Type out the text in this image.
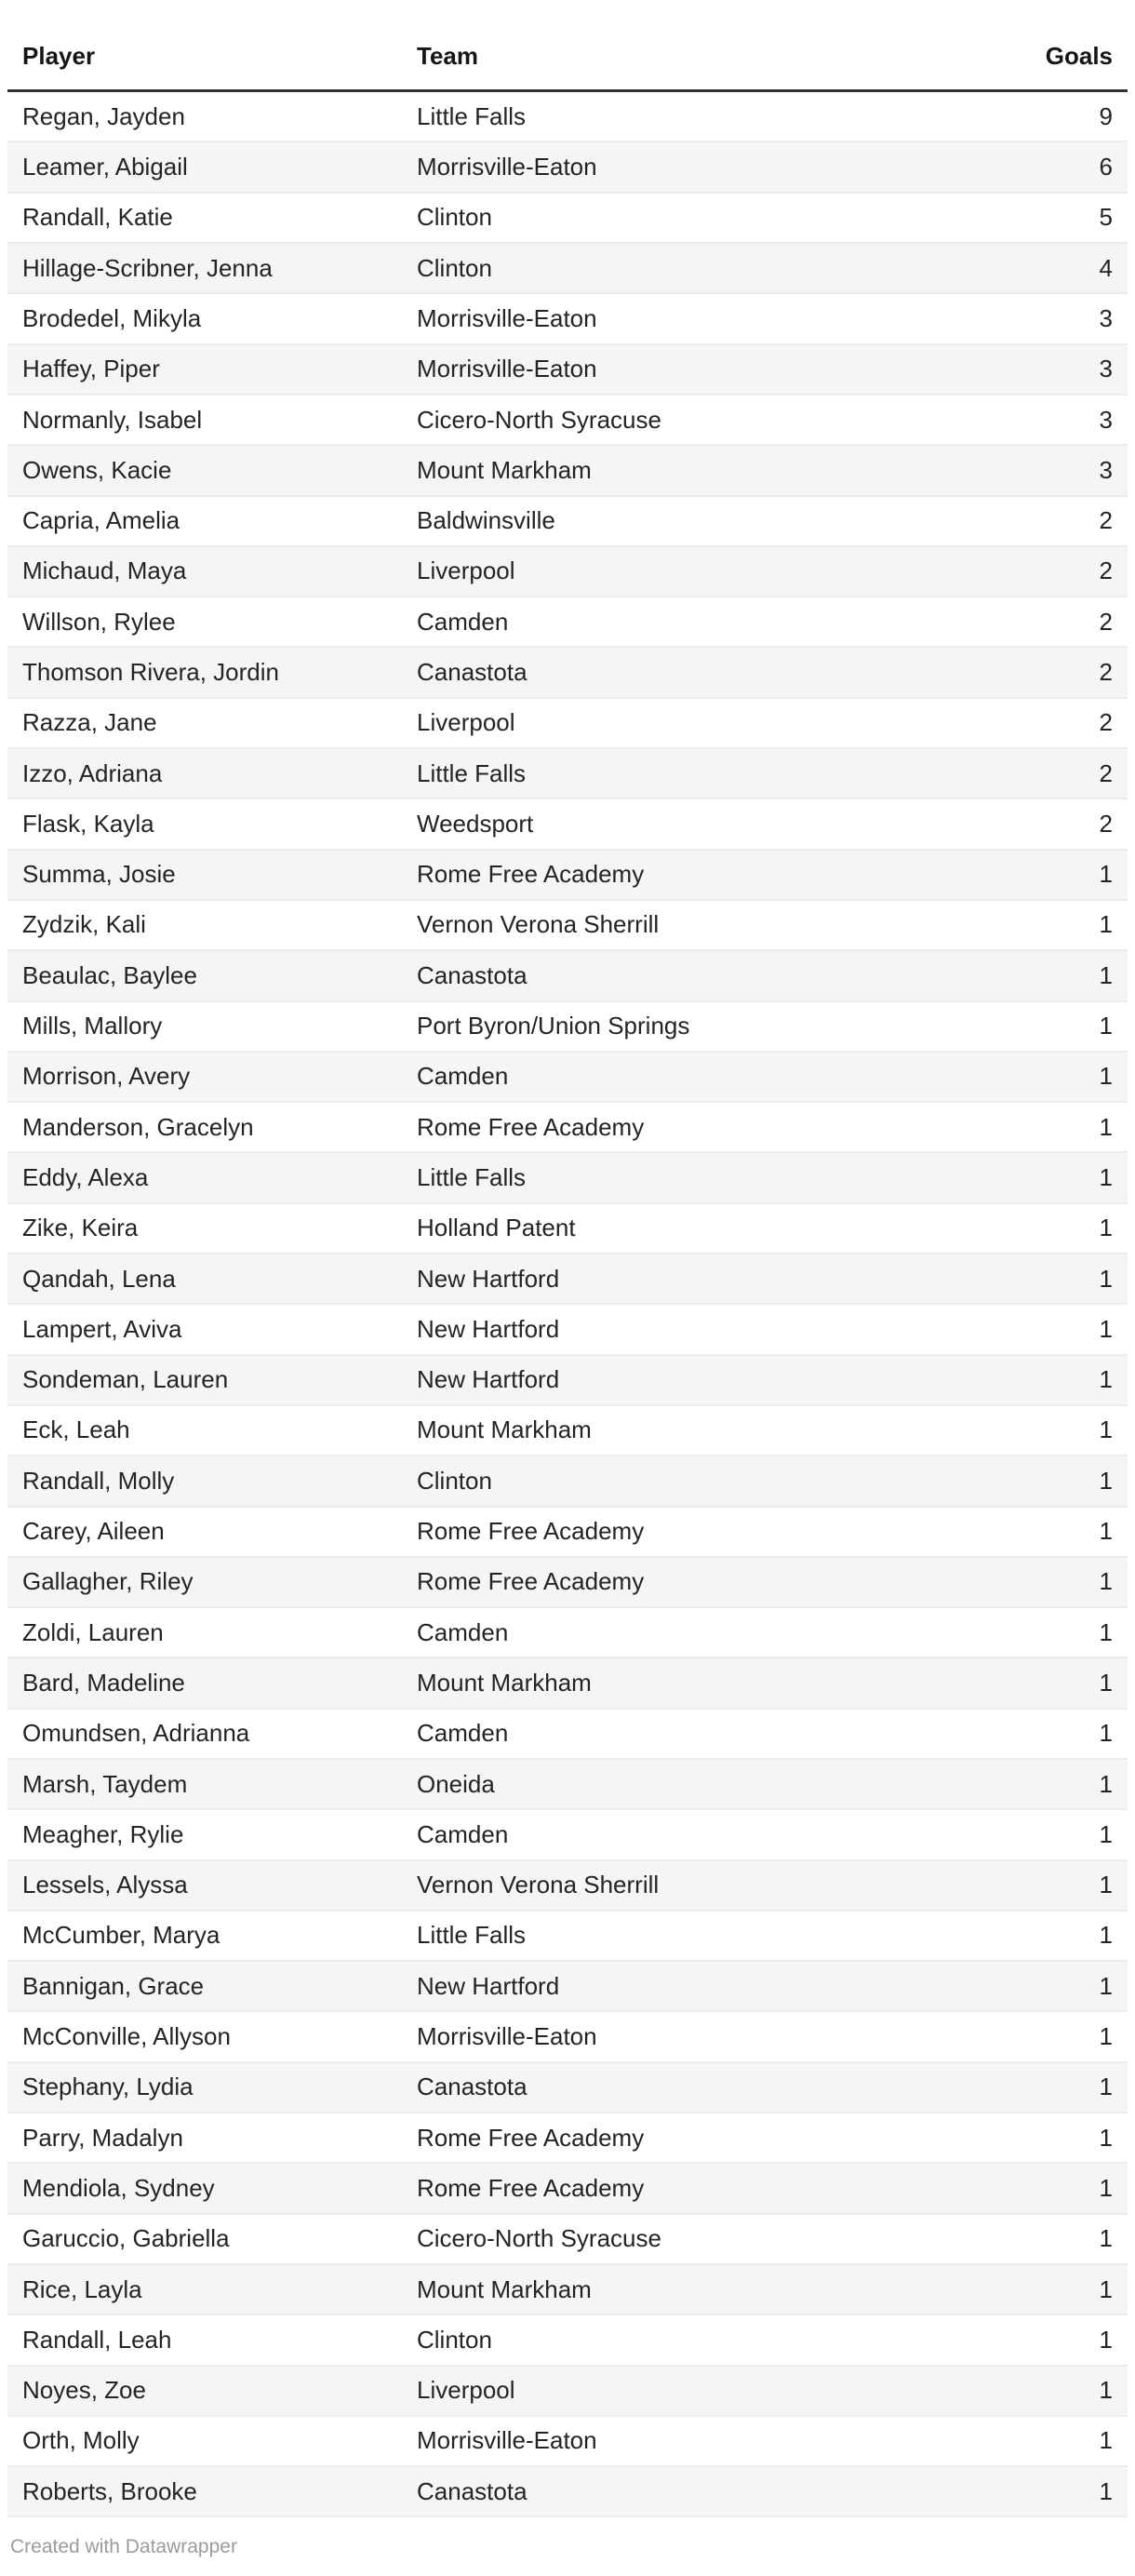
Player	Team	Goals
Regan, Jayden	Little Falls	9
Leamer, Abigail	Morrisville-Eaton	6
Randall, Katie	Clinton	5
Hillage-Scribner, Jenna	Clinton	4
Brodedel, Mikyla	Morrisville-Eaton	3
Haffey, Piper	Morrisville-Eaton	3
Normanly, Isabel	Cicero-North Syracuse	3
Owens, Kacie	Mount Markham	3
Capria, Amelia	Baldwinsville	2
Michaud, Maya	Liverpool	2
Willson, Rylee	Camden	2
Thomson Rivera, Jordin	Canastota	2
Razza, Jane	Liverpool	2
Izzo, Adriana	Little Falls	2
Flask, Kayla	Weedsport	2
Summa, Josie	Rome Free Academy	1
Zydzik, Kali	Vernon Verona Sherrill	1
Beaulac, Baylee	Canastota	1
Mills, Mallory	Port Byron/Union Springs	1
Morrison, Avery	Camden	1
Manderson, Gracelyn	Rome Free Academy	1
Eddy, Alexa	Little Falls	1
Zike, Keira	Holland Patent	1
Qandah, Lena	New Hartford	1
Lampert, Aviva	New Hartford	1
Sondeman, Lauren	New Hartford	1
Eck, Leah	Mount Markham	1
Randall, Molly	Clinton	1
Carey, Aileen	Rome Free Academy	1
Gallagher, Riley	Rome Free Academy	1
Zoldi, Lauren	Camden	1
Bard, Madeline	Mount Markham	1
Omundsen, Adrianna	Camden	1
Marsh, Taydem	Oneida	1
Meagher, Rylie	Camden	1
Lessels, Alyssa	Vernon Verona Sherrill	1
McCumber, Marya	Little Falls	1
Bannigan, Grace	New Hartford	1
McConville, Allyson	Morrisville-Eaton	1
Stephany, Lydia	Canastota	1
Parry, Madalyn	Rome Free Academy	1
Mendiola, Sydney	Rome Free Academy	1
Garuccio, Gabriella	Cicero-North Syracuse	1
Rice, Layla	Mount Markham	1
Randall, Leah	Clinton	1
Noyes, Zoe	Liverpool	1
Orth, Molly	Morrisville-Eaton	1
Roberts, Brooke	Canastota	1
Created with Datawrapper
